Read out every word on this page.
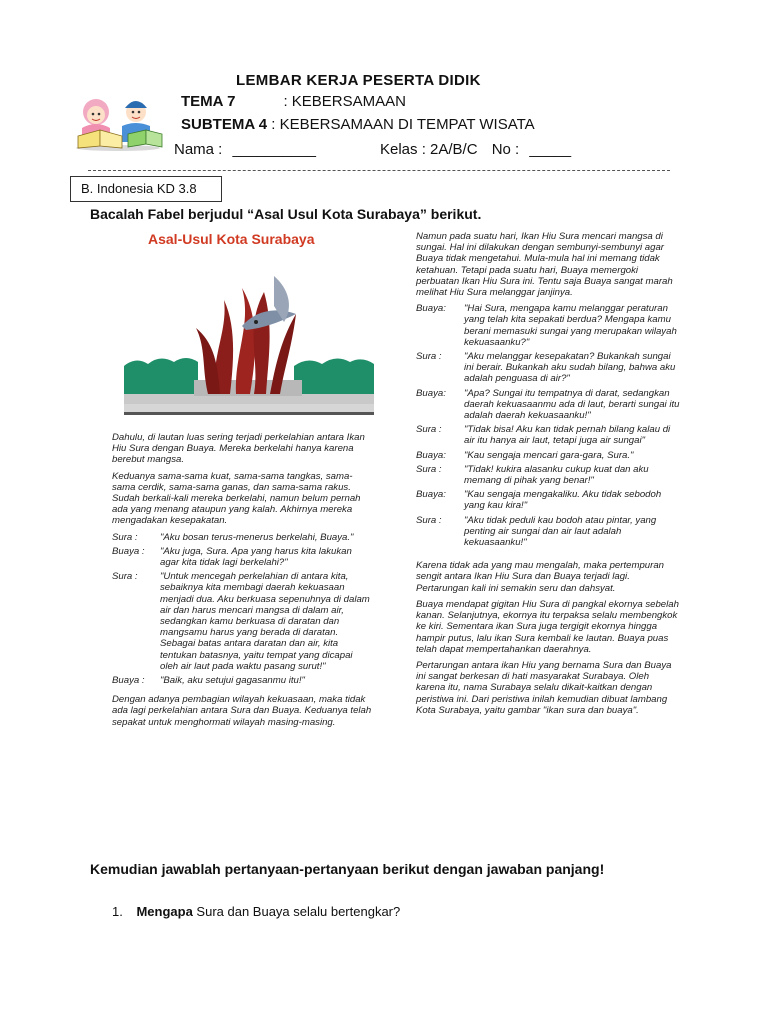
LEMBAR KERJA PESERTA DIDIK
TEMA 7	: KEBERSAMAAN
SUBTEMA 4 : KEBERSAMAAN DI TEMPAT WISATA
Nama : __________	Kelas : 2A/B/C No : _____
B. Indonesia KD 3.8
Bacalah Fabel berjudul “Asal Usul Kota Surabaya” berikut.
Asal-Usul Kota Surabaya

Dahulu, di lautan luas sering terjadi perkelahian antara Ikan Hiu Sura dengan Buaya. Mereka berkelahi hanya karena berebut mangsa.

Keduanya sama-sama kuat, sama-sama tangkas, sama-sama cerdik, sama-sama ganas, dan sama-sama rakus. Sudah berkali-kali mereka berkelahi, namun belum pernah ada yang menang ataupun yang kalah. Akhirnya mereka mengadakan kesepakatan.

Sura :	"Aku bosan terus-menerus berkelahi, Buaya."
Buaya :	"Aku juga, Sura. Apa yang harus kita lakukan agar kita tidak lagi berkelahi?"
Sura :	"Untuk mencegah perkelahian di antara kita, sebaiknya kita membagi daerah kekuasaan menjadi dua. Aku berkuasa sepenuhnya di dalam air dan harus mencari mangsa di dalam air, sedangkan kamu berkuasa di daratan dan mangsamu harus yang berada di daratan. Sebagai batas antara daratan dan air, kita tentukan batasnya, yaitu tempat yang dicapai oleh air laut pada waktu pasang surut!"
Buaya :	"Baik, aku setujui gagasanmu itu!"

Dengan adanya pembagian wilayah kekuasaan, maka tidak ada lagi perkelahian antara Sura dan Buaya. Keduanya telah sepakat untuk menghormati wilayah masing-masing.

Namun pada suatu hari, Ikan Hiu Sura mencari mangsa di sungai. Hal ini dilakukan dengan sembunyi-sembunyi agar Buaya tidak mengetahui. Mula-mula hal ini memang tidak ketahuan. Tetapi pada suatu hari, Buaya memergoki perbuatan Ikan Hiu Sura ini. Tentu saja Buaya sangat marah melihat Hiu Sura melanggar janjinya.

Buaya:	"Hai Sura, mengapa kamu melanggar peraturan yang telah kita sepakati berdua? Mengapa kamu berani memasuki sungai yang merupakan wilayah kekuasaanku?"
Sura :	"Aku melanggar kesepakatan? Bukankah sungai ini berair. Bukankah aku sudah bilang, bahwa aku adalah penguasa di air?"
Buaya:	"Apa? Sungai itu tempatnya di darat, sedangkan daerah kekuasaanmu ada di laut, berarti sungai itu adalah daerah kekuasaanku!"
Sura :	"Tidak bisa! Aku kan tidak pernah bilang kalau di air itu hanya air laut, tetapi juga air sungai"
Buaya:	"Kau sengaja mencari gara-gara, Sura."
Sura :	"Tidak! kukira alasanku cukup kuat dan aku memang di pihak yang benar!"
Buaya:	"Kau sengaja mengakaliku. Aku tidak sebodoh yang kau kira!"
Sura :	"Aku tidak peduli kau bodoh atau pintar, yang penting air sungai dan air laut adalah kekuasaanku!"

Karena tidak ada yang mau mengalah, maka pertempuran sengit antara Ikan Hiu Sura dan Buaya terjadi lagi. Pertarungan kali ini semakin seru dan dahsyat.

Buaya mendapat gigitan Hiu Sura di pangkal ekornya sebelah kanan. Selanjutnya, ekornya itu terpaksa selalu membengkok ke kiri. Sementara ikan Sura juga tergigit ekornya hingga hampir putus, lalu ikan Sura kembali ke lautan. Buaya puas telah dapat mempertahankan daerahnya.

Pertarungan antara ikan Hiu yang bernama Sura dan Buaya ini sangat berkesan di hati masyarakat Surabaya. Oleh karena itu, nama Surabaya selalu dikait-kaitkan dengan peristiwa ini. Dari peristiwa inilah kemudian dibuat lambang Kota Surabaya, yaitu gambar "ikan sura dan buaya".

Kemudian jawablah pertanyaan-pertanyaan berikut dengan jawaban panjang!
1. Mengapa Sura dan Buaya selalu bertengkar?
